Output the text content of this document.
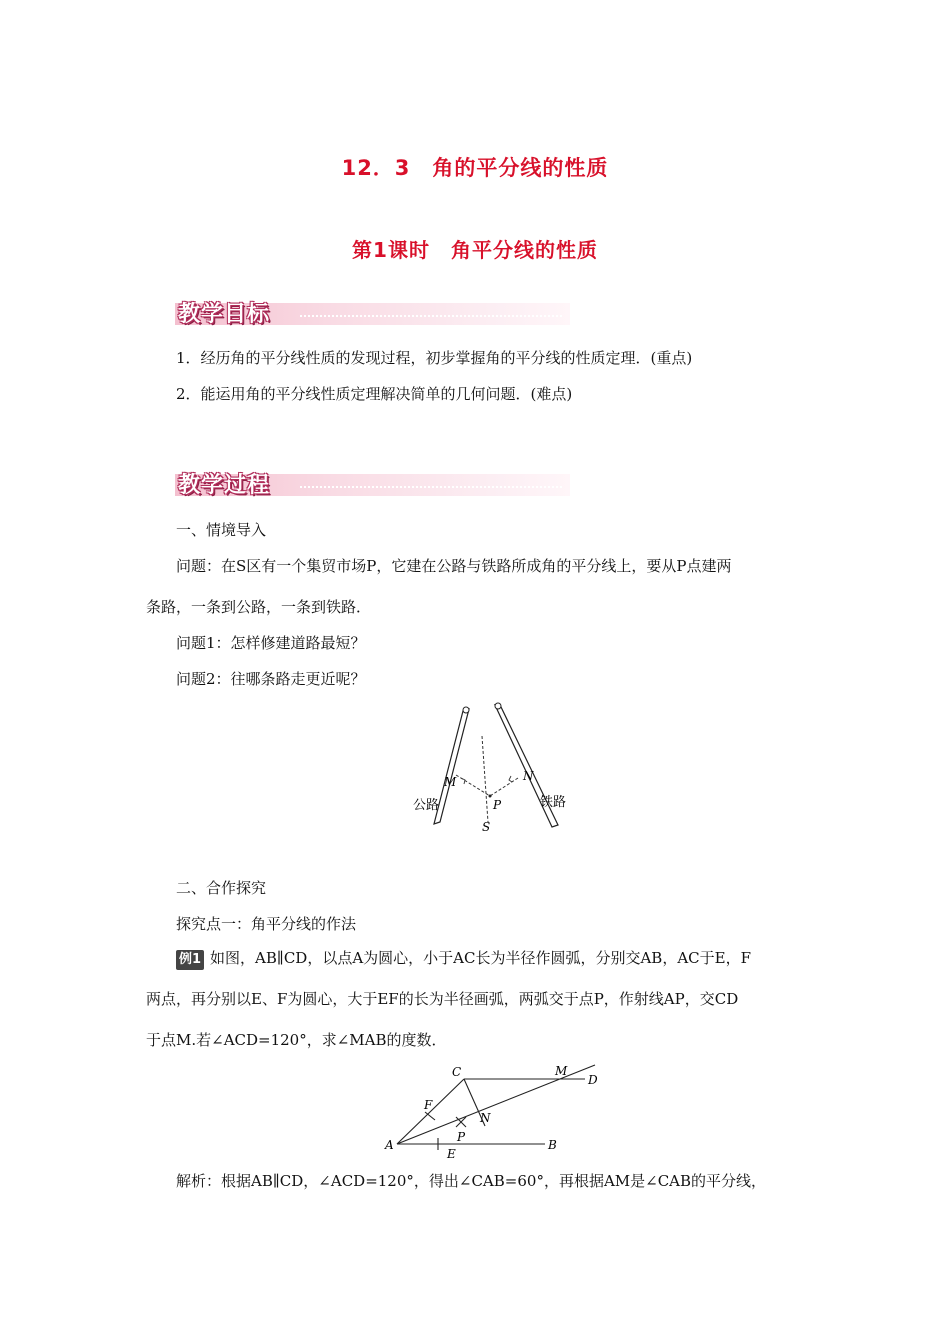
12．3　角的平分线的性质
第1课时　角平分线的性质
教学目标
1．经历角的平分线性质的发现过程，初步掌握角的平分线的性质定理．(重点)
2．能运用角的平分线性质定理解决简单的几何问题．(难点)
教学过程
一、情境导入
问题：在S区有一个集贸市场P，它建在公路与铁路所成角的平分线上，要从P点建两
条路，一条到公路，一条到铁路．
问题1：怎样修建道路最短？
问题2：往哪条路走更近呢？
M	N
P
S
公路	铁路
二、合作探究
探究点一：角平分线的作法
例1 如图，AB∥CD，以点A为圆心，小于AC长为半径作圆弧，分别交AB，AC于E，F
两点，再分别以E、F为圆心，大于EF的长为半径画弧，两弧交于点P，作射线AP，交CD
于点M.若∠ACD=120°，求∠MAB的度数．
A	B
C
D
M
E
F
N
P
解析：根据AB∥CD，∠ACD=120°，得出∠CAB=60°，再根据AM是∠CAB的平分线，
